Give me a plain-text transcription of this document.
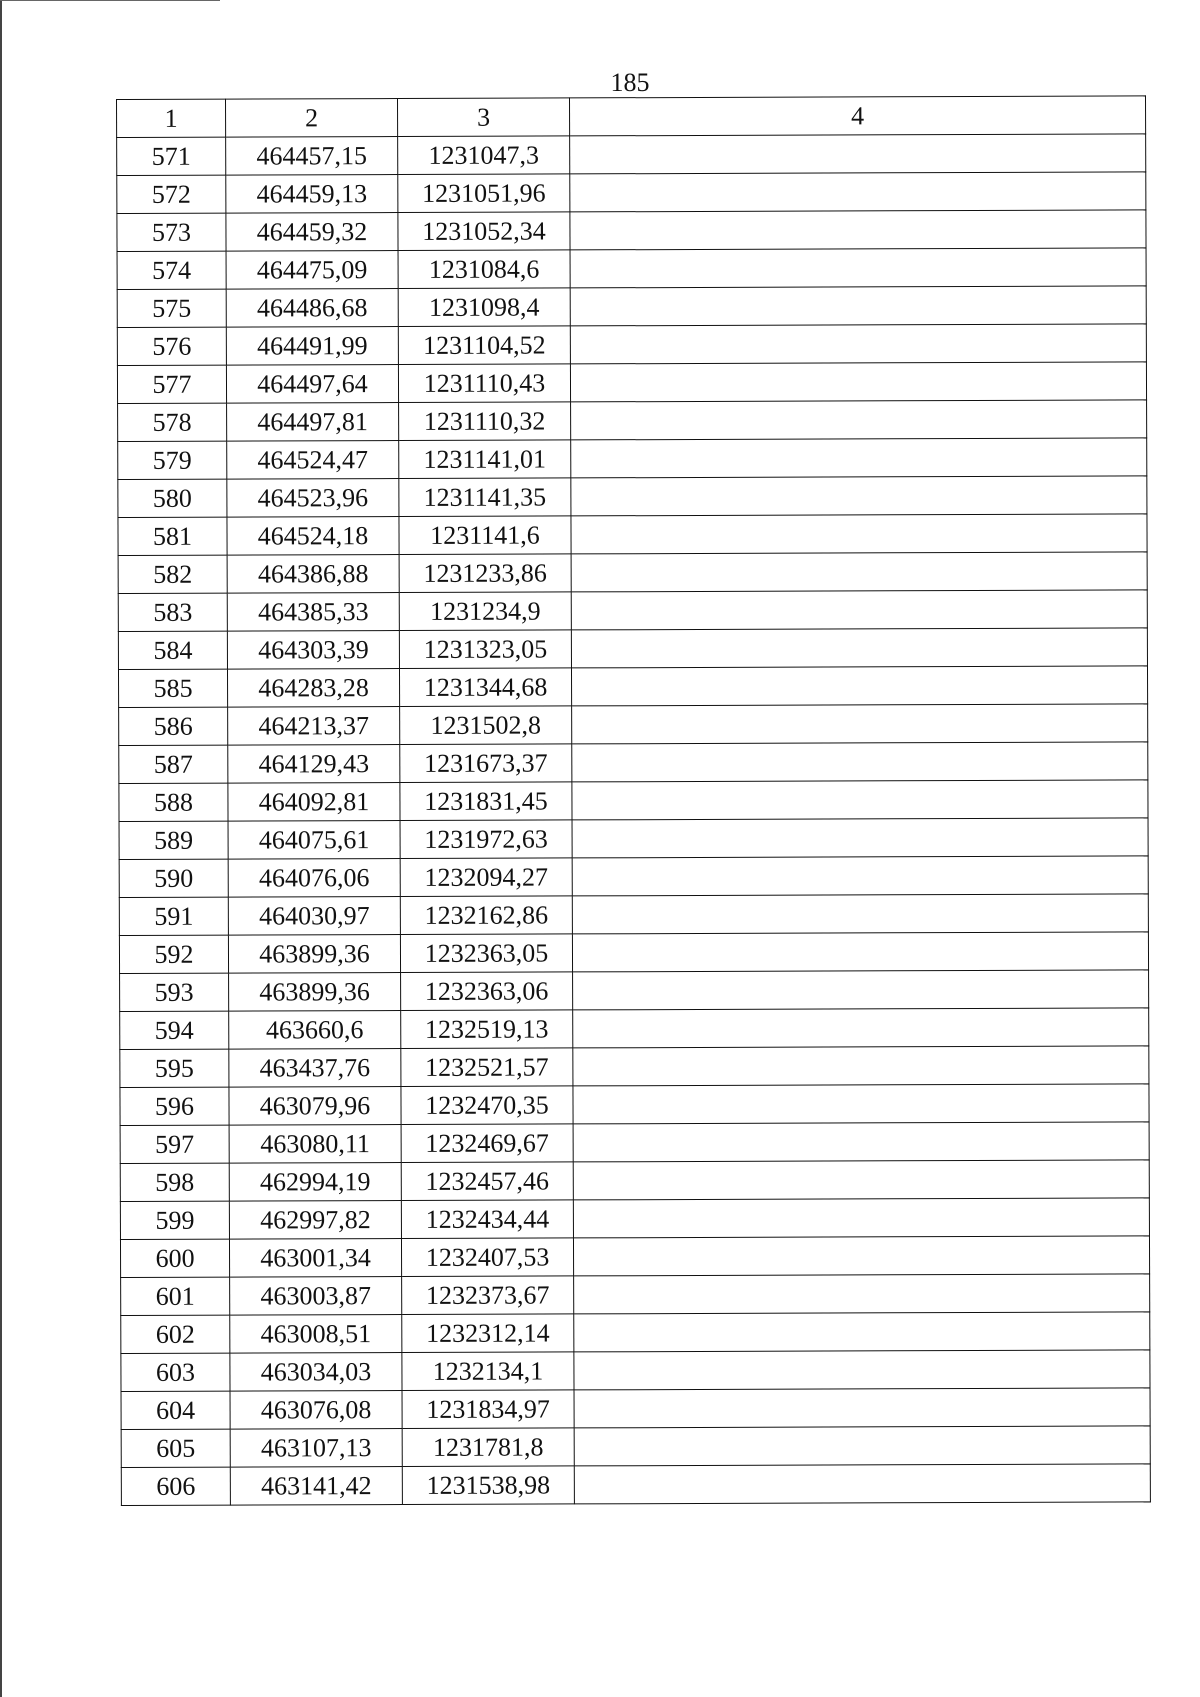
185
1	2	3	4
571	464457,15	1231047,3	
572	464459,13	1231051,96	
573	464459,32	1231052,34	
574	464475,09	1231084,6	
575	464486,68	1231098,4	
576	464491,99	1231104,52	
577	464497,64	1231110,43	
578	464497,81	1231110,32	
579	464524,47	1231141,01	
580	464523,96	1231141,35	
581	464524,18	1231141,6	
582	464386,88	1231233,86	
583	464385,33	1231234,9	
584	464303,39	1231323,05	
585	464283,28	1231344,68	
586	464213,37	1231502,8	
587	464129,43	1231673,37	
588	464092,81	1231831,45	
589	464075,61	1231972,63	
590	464076,06	1232094,27	
591	464030,97	1232162,86	
592	463899,36	1232363,05	
593	463899,36	1232363,06	
594	463660,6	1232519,13	
595	463437,76	1232521,57	
596	463079,96	1232470,35	
597	463080,11	1232469,67	
598	462994,19	1232457,46	
599	462997,82	1232434,44	
600	463001,34	1232407,53	
601	463003,87	1232373,67	
602	463008,51	1232312,14	
603	463034,03	1232134,1	
604	463076,08	1231834,97	
605	463107,13	1231781,8	
606	463141,42	1231538,98	
